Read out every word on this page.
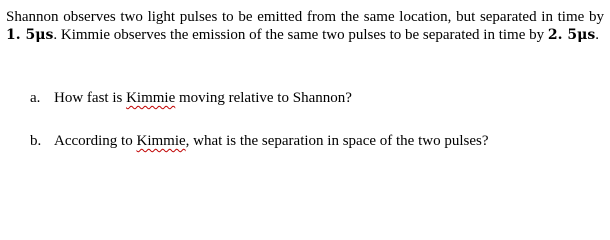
Shannon observes two light pulses to be emitted from the same location, but separated in time by 1. 5μs. Kimmie observes the emission of the same two pulses to be separated in time by 2. 5μs.

a. How fast is Kimmie moving relative to Shannon?
b. According to Kimmie, what is the separation in space of the two pulses?
